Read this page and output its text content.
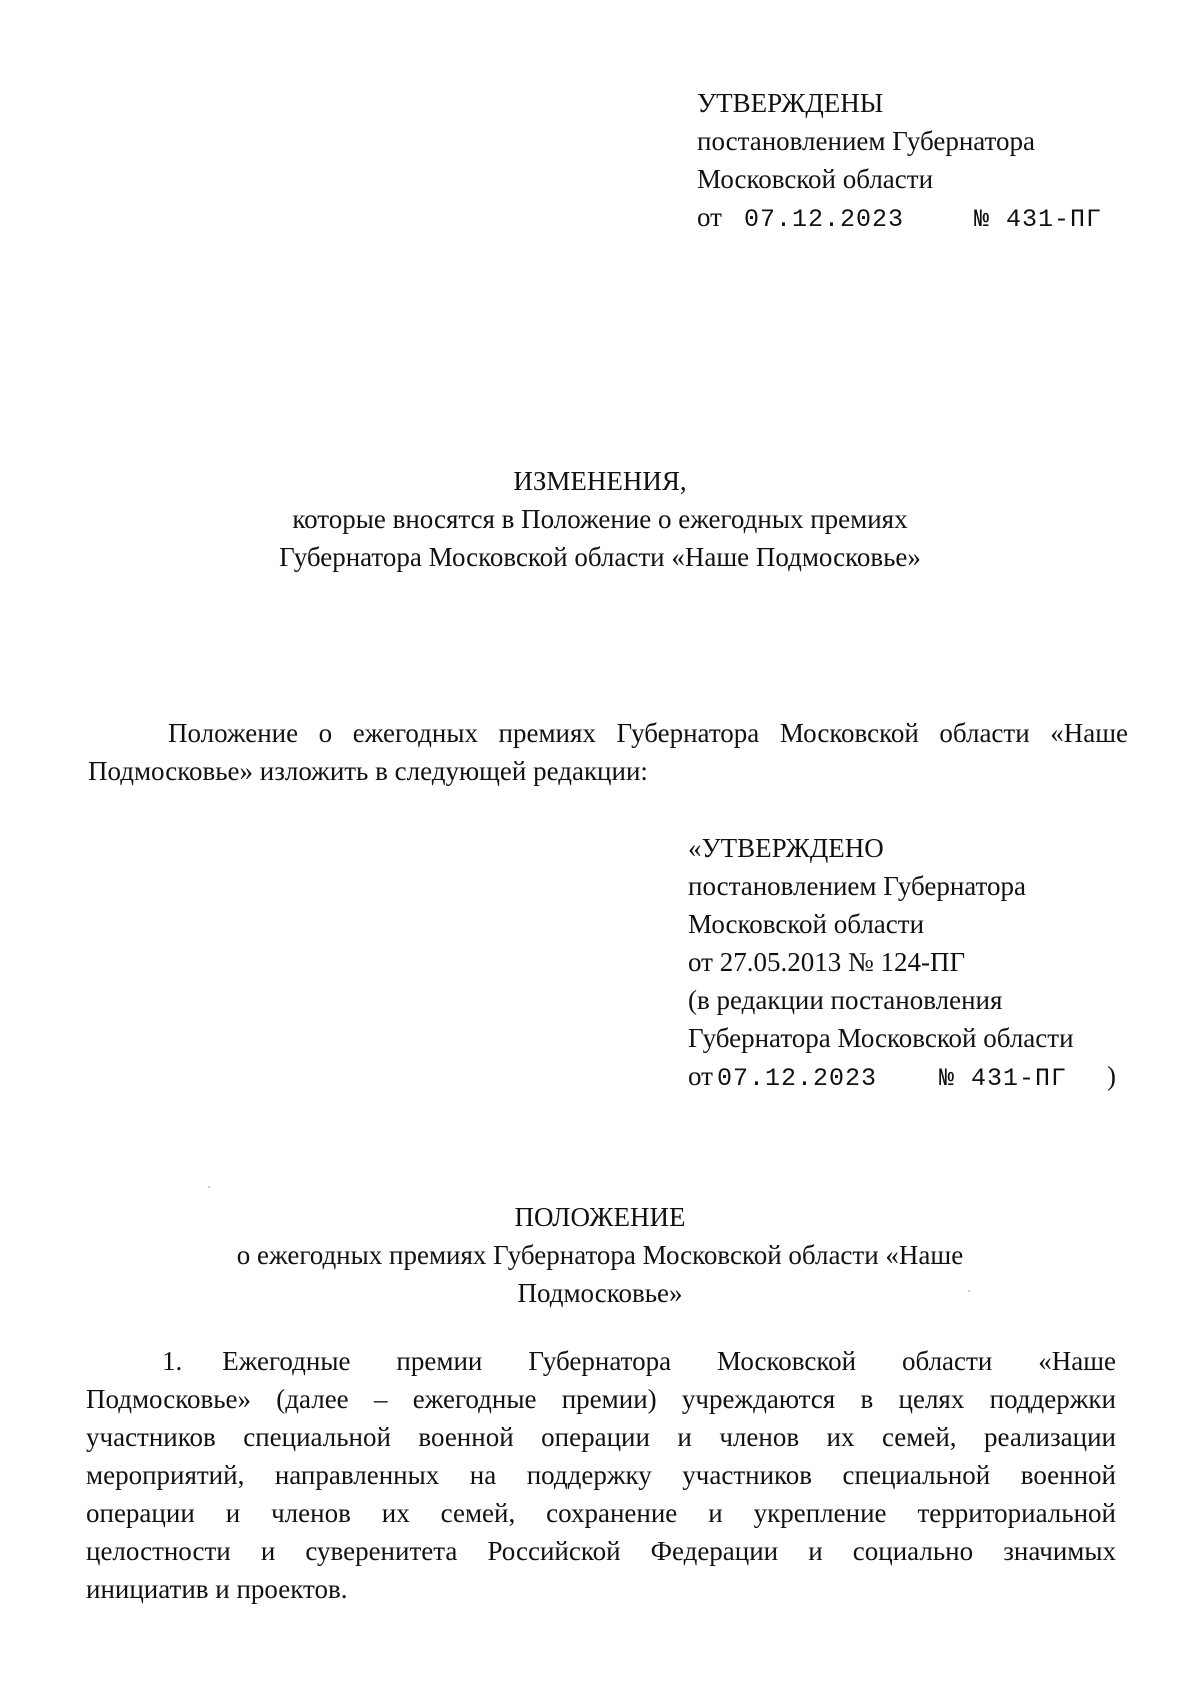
УТВЕРЖДЕНЫ
постановлением Губернатора
Московской области
от 07.12.2023	№ 431-ПГ
ИЗМЕНЕНИЯ,
которые вносятся в Положение о ежегодных премиях
Губернатора Московской области «Наше Подмосковье»
Положение о ежегодных премиях Губернатора Московской области «Наше
Подмосковье» изложить в следующей редакции:
«УТВЕРЖДЕНО
постановлением Губернатора
Московской области
от 27.05.2013 № 124-ПГ
(в редакции постановления
Губернатора Московской области
от 07.12.2023 № 431-ПГ )
ПОЛОЖЕНИЕ
о ежегодных премиях Губернатора Московской области «Наше
Подмосковье»
1. Ежегодные премии Губернатора Московской области «Наше
Подмосковье» (далее – ежегодные премии) учреждаются в целях поддержки
участников специальной военной операции и членов их семей, реализации
мероприятий, направленных на поддержку участников специальной военной
операции и членов их семей, сохранение и укрепление территориальной
целостности и суверенитета Российской Федерации и социально значимых
инициатив и проектов.
